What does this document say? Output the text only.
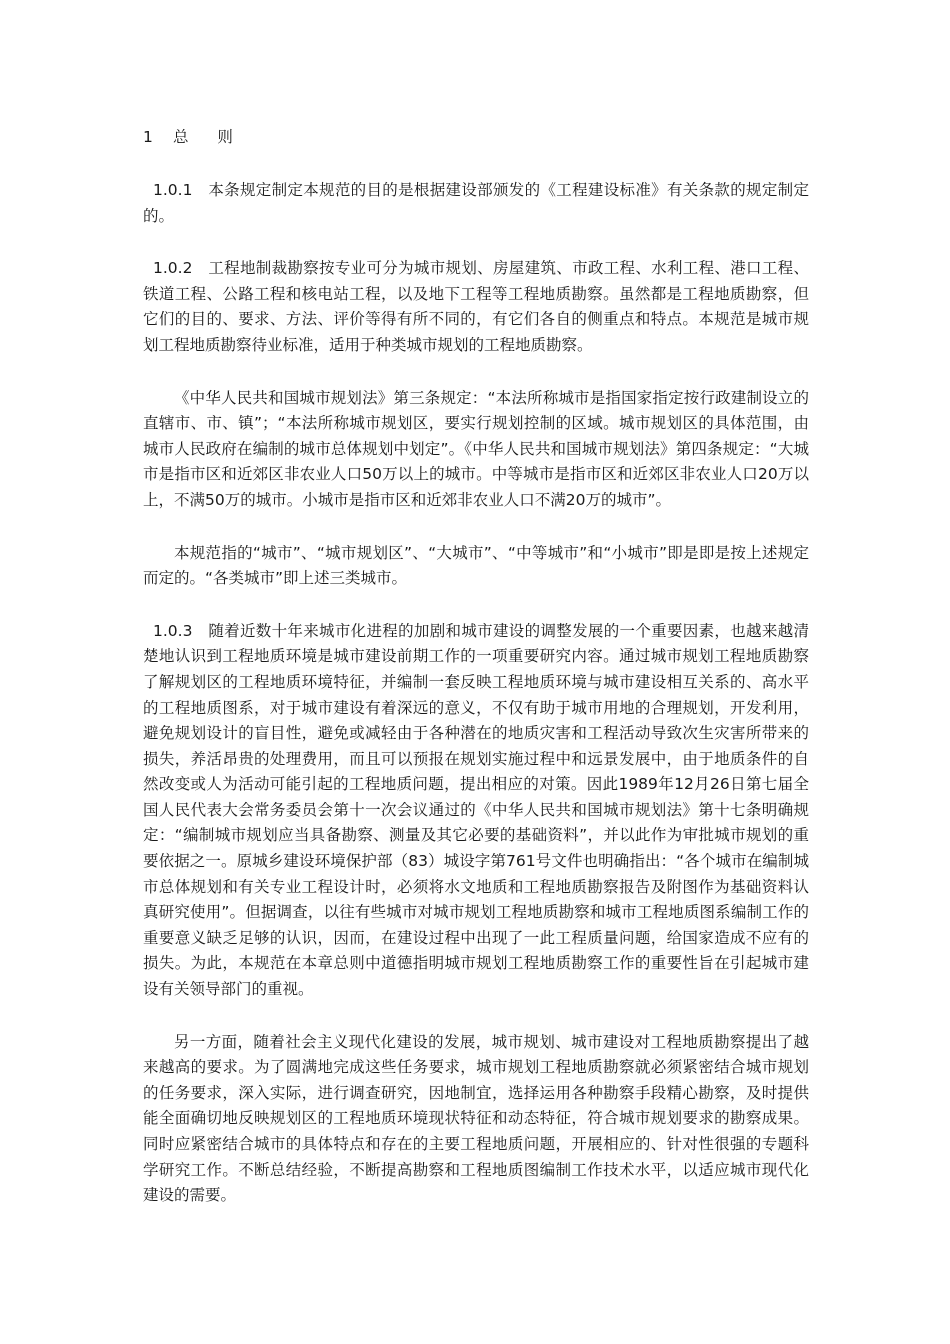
1 总 则

1.0.1 本条规定制定本规范的目的是根据建设部颁发的《工程建设标准》有关条款的规定制定的。

1.0.2 工程地制裁勘察按专业可分为城市规划、房屋建筑、市政工程、水利工程、港口工程、铁道工程、公路工程和核电站工程，以及地下工程等工程地质勘察。虽然都是工程地质勘察，但它们的目的、要求、方法、评价等得有所不同的，有它们各自的侧重点和特点。本规范是城市规划工程地质勘察待业标准，适用于种类城市规划的工程地质勘察。

《中华人民共和国城市规划法》第三条规定：“本法所称城市是指国家指定按行政建制设立的直辖市、市、镇”；“本法所称城市规划区，要实行规划控制的区域。城市规划区的具体范围，由城市人民政府在编制的城市总体规划中划定”。《中华人民共和国城市规划法》第四条规定：“大城市是指市区和近郊区非农业人口50万以上的城市。中等城市是指市区和近郊区非农业人口20万以上，不满50万的城市。小城市是指市区和近郊非农业人口不满20万的城市”。

本规范指的“城市”、“城市规划区”、“大城市”、“中等城市”和“小城市”即是即是按上述规定而定的。“各类城市”即上述三类城市。

1.0.3 随着近数十年来城市化进程的加剧和城市建设的调整发展的一个重要因素，也越来越清楚地认识到工程地质环境是城市建设前期工作的一项重要研究内容。通过城市规划工程地质勘察了解规划区的工程地质环境特征，并编制一套反映工程地质环境与城市建设相互关系的、高水平的工程地质图系，对于城市建设有着深远的意义，不仅有助于城市用地的合理规划，开发利用，避免规划设计的盲目性，避免或减轻由于各种潜在的地质灾害和工程活动导致次生灾害所带来的损失，养活昂贵的处理费用，而且可以预报在规划实施过程中和远景发展中，由于地质条件的自然改变或人为活动可能引起的工程地质问题，提出相应的对策。因此1989年12月26日第七届全国人民代表大会常务委员会第十一次会议通过的《中华人民共和国城市规划法》第十七条明确规定：“编制城市规划应当具备勘察、测量及其它必要的基础资料”，并以此作为审批城市规划的重要依据之一。原城乡建设环境保护部（83）城设字第761号文件也明确指出：“各个城市在编制城市总体规划和有关专业工程设计时，必须将水文地质和工程地质勘察报告及附图作为基础资料认真研究使用”。但据调查，以往有些城市对城市规划工程地质勘察和城市工程地质图系编制工作的重要意义缺乏足够的认识，因而，在建设过程中出现了一此工程质量问题，给国家造成不应有的损失。为此，本规范在本章总则中道德指明城市规划工程地质勘察工作的重要性旨在引起城市建设有关领导部门的重视。

另一方面，随着社会主义现代化建设的发展，城市规划、城市建设对工程地质勘察提出了越来越高的要求。为了圆满地完成这些任务要求，城市规划工程地质勘察就必须紧密结合城市规划的任务要求，深入实际，进行调查研究，因地制宜，选择运用各种勘察手段精心勘察，及时提供能全面确切地反映规划区的工程地质环境现状特征和动态特征，符合城市规划要求的勘察成果。同时应紧密结合城市的具体特点和存在的主要工程地质问题，开展相应的、针对性很强的专题科学研究工作。不断总结经验，不断提高勘察和工程地质图编制工作技术水平，以适应城市现代化建设的需要。
